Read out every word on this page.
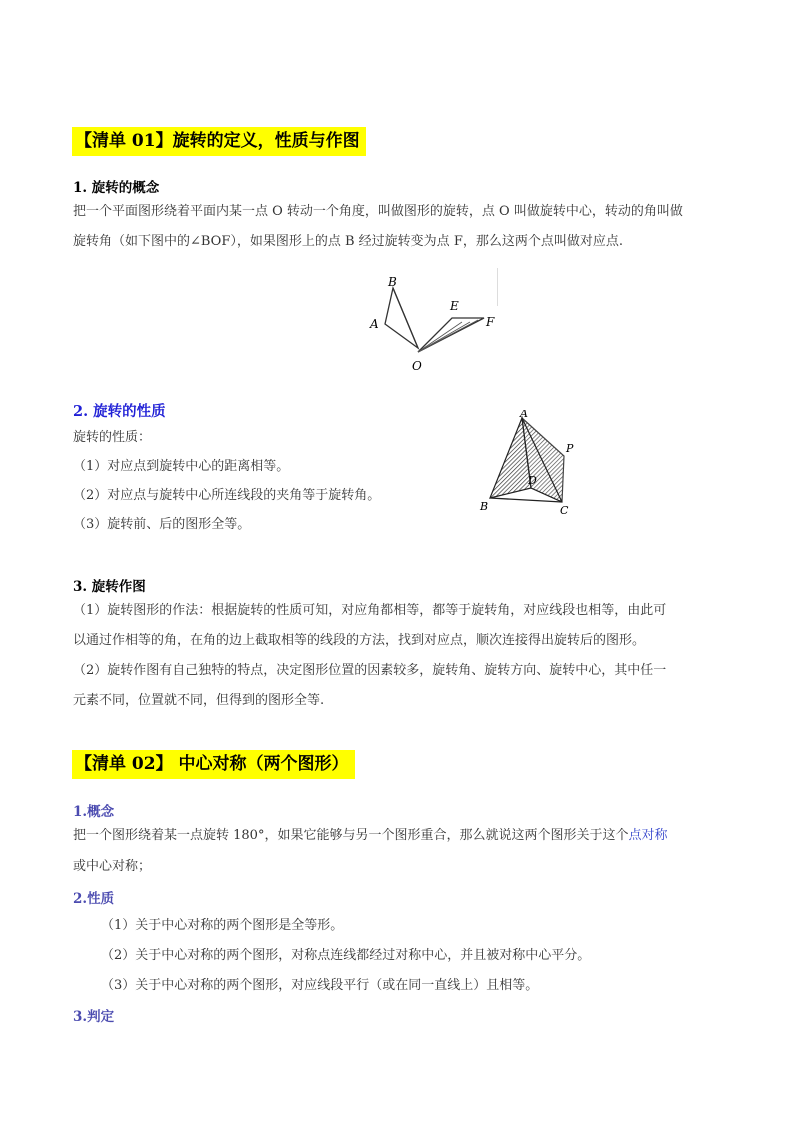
【清单 01】旋转的定义，性质与作图
1. 旋转的概念
把一个平面图形绕着平面内某一点 O 转动一个角度，叫做图形的旋转，点 O 叫做旋转中心，转动的角叫做
旋转角（如下图中的∠BOF），如果图形上的点 B 经过旋转变为点 F，那么这两个点叫做对应点.
A
B
E
F
O
2. 旋转的性质
旋转的性质：
（1）对应点到旋转中心的距离相等。
（2）对应点与旋转中心所连线段的夹角等于旋转角。
（3）旋转前、后的图形全等。
A
B	C
D
P
3. 旋转作图
（1）旋转图形的作法：根据旋转的性质可知，对应角都相等，都等于旋转角，对应线段也相等，由此可
以通过作相等的角，在角的边上截取相等的线段的方法，找到对应点，顺次连接得出旋转后的图形。
（2）旋转作图有自己独特的特点，决定图形位置的因素较多，旋转角、旋转方向、旋转中心，其中任一
元素不同，位置就不同，但得到的图形全等.
【清单 02】 中心对称（两个图形）
1.概念
把一个图形绕着某一点旋转 180°，如果它能够与另一个图形重合，那么就说这两个图形关于这个点对称
或中心对称；
2.性质
（1）关于中心对称的两个图形是全等形。
（2）关于中心对称的两个图形，对称点连线都经过对称中心，并且被对称中心平分。
（3）关于中心对称的两个图形，对应线段平行（或在同一直线上）且相等。
3.判定
